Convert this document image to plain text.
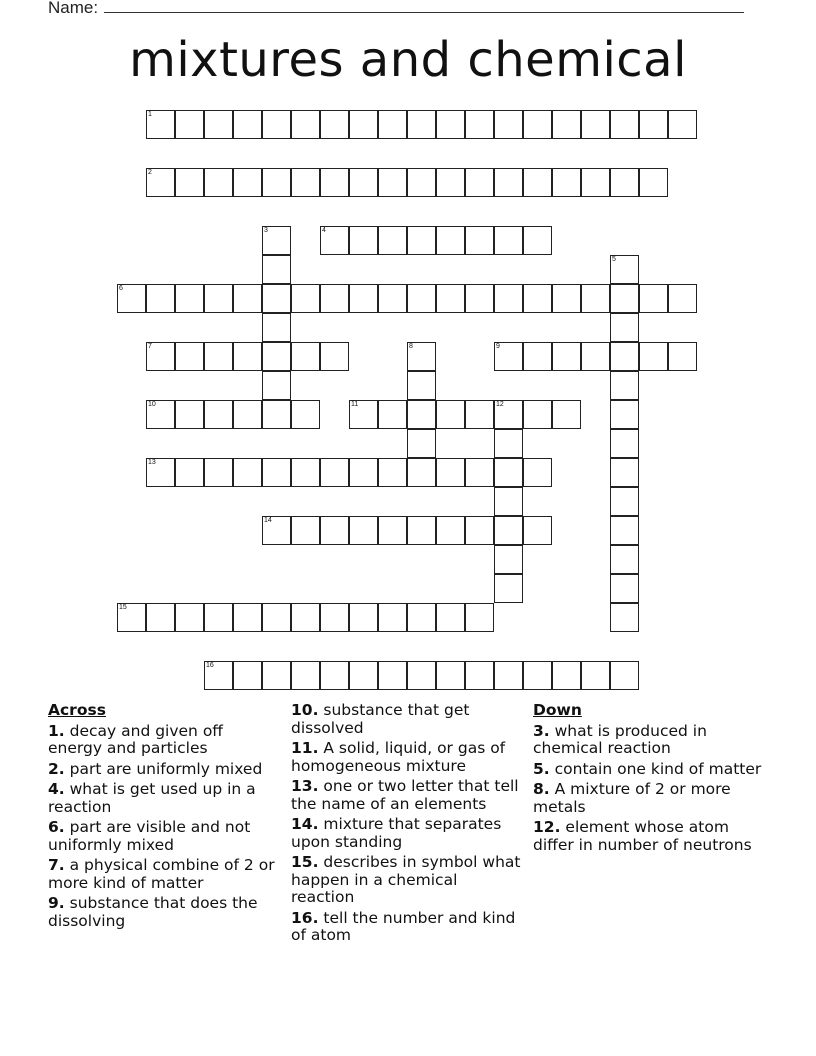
Name:
mixtures and chemical
1
2
3	4
5
6
7	8	9
10	11	12
13
14
15
16
Across
1. decay and given off energy and particles
2. part are uniformly mixed
4. what is get used up in a reaction
6. part are visible and not uniformly mixed
7. a physical combine of 2 or more kind of matter
9. substance that does the dissolving
10. substance that get dissolved
11. A solid, liquid, or gas of homogeneous mixture
13. one or two letter that tell the name of an elements
14. mixture that separates upon standing
15. describes in symbol what happen in a chemical reaction
16. tell the number and kind of atom
Down
3. what is produced in chemical reaction
5. contain one kind of matter
8. A mixture of 2 or more metals
12. element whose atom differ in number of neutrons
